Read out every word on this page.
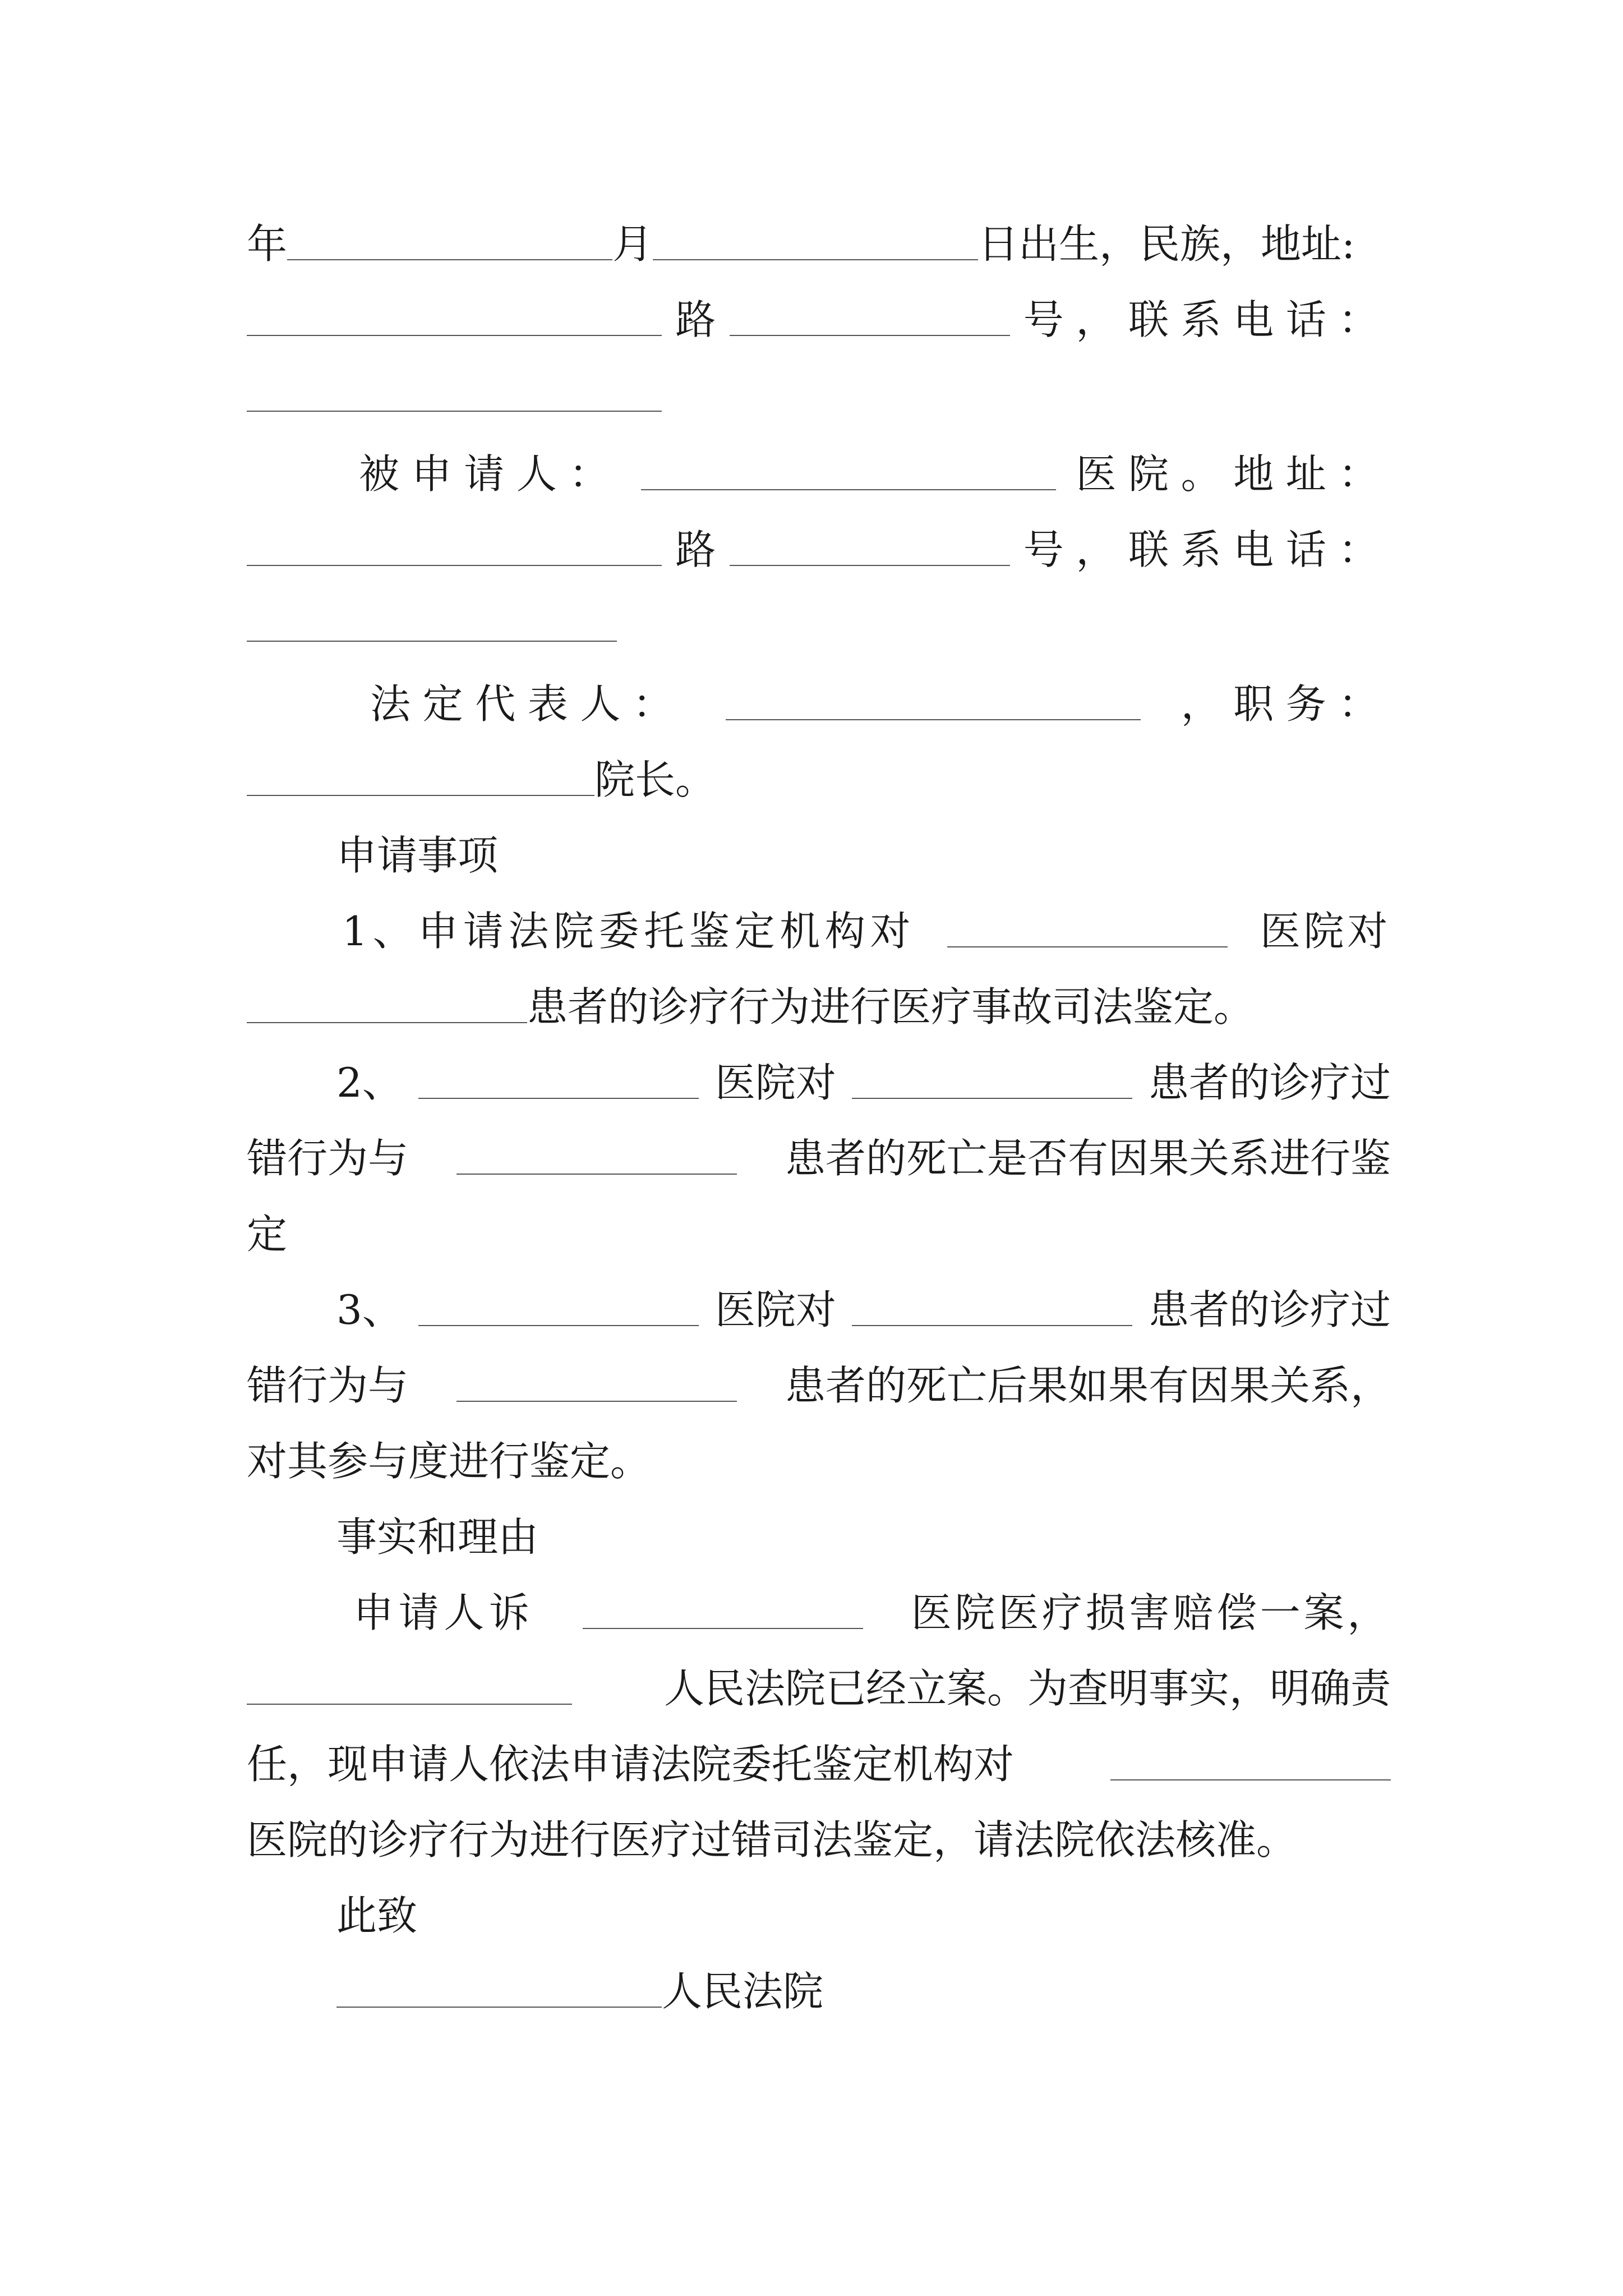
年	月	日出生，民族，地址:
路	号，联系电话：
被申请人：	医院。地址：
路	号，联系电话：
法定代表人：	，职务：
院长。
申请事项
1、申请法院委托鉴定机构对	医院对
患者的诊疗行为进行医疗事故司法鉴定。
2、	医院对	患者的诊疗过
错行为与	患者的死亡是否有因果关系进行鉴
定
3、	医院对	患者的诊疗过
错行为与	患者的死亡后果如果有因果关系，
对其参与度进行鉴定。
事实和理由
申请人诉	医院医疗损害赔偿一案，
人民法院已经立案。为查明事实，明确责
任，现申请人依法申请法院委托鉴定机构对
医院的诊疗行为进行医疗过错司法鉴定，请法院依法核准。
此致
人民法院
